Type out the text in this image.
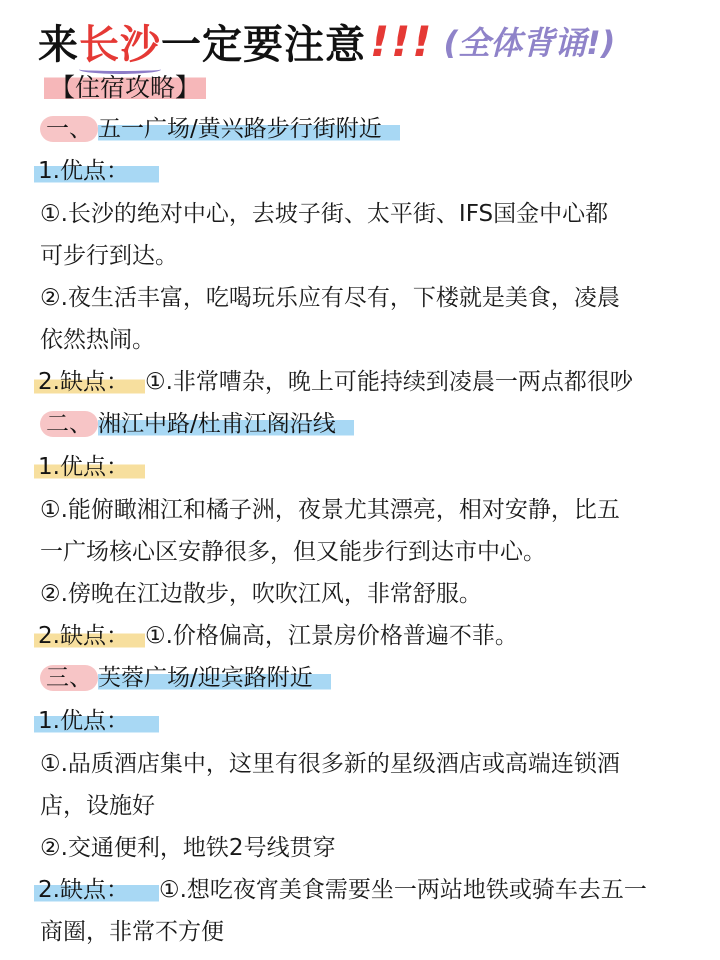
来 长沙 一定要注意 !!! (全体背诵!)
【住宿攻略】
一、 五一广场/黄兴路步行街附近
1.优点：
①.长沙的绝对中心，去坡子街、太平街、IFS国金中心都
可步行到达。
②.夜生活丰富，吃喝玩乐应有尽有，下楼就是美食，凌晨
依然热闹。
2.缺点： ①.非常嘈杂，晚上可能持续到凌晨一两点都很吵
二、 湘江中路/杜甫江阁沿线
1.优点：
①.能俯瞰湘江和橘子洲，夜景尤其漂亮，相对安静，比五
一广场核心区安静很多，但又能步行到达市中心。
②.傍晚在江边散步，吹吹江风，非常舒服。
2.缺点： ①.价格偏高，江景房价格普遍不菲。
三、 芙蓉广场/迎宾路附近
1.优点：
①.品质酒店集中，这里有很多新的星级酒店或高端连锁酒
店，设施好
②.交通便利，地铁2号线贯穿
2.缺点： ①.想吃夜宵美食需要坐一两站地铁或骑车去五一
商圈，非常不方便
